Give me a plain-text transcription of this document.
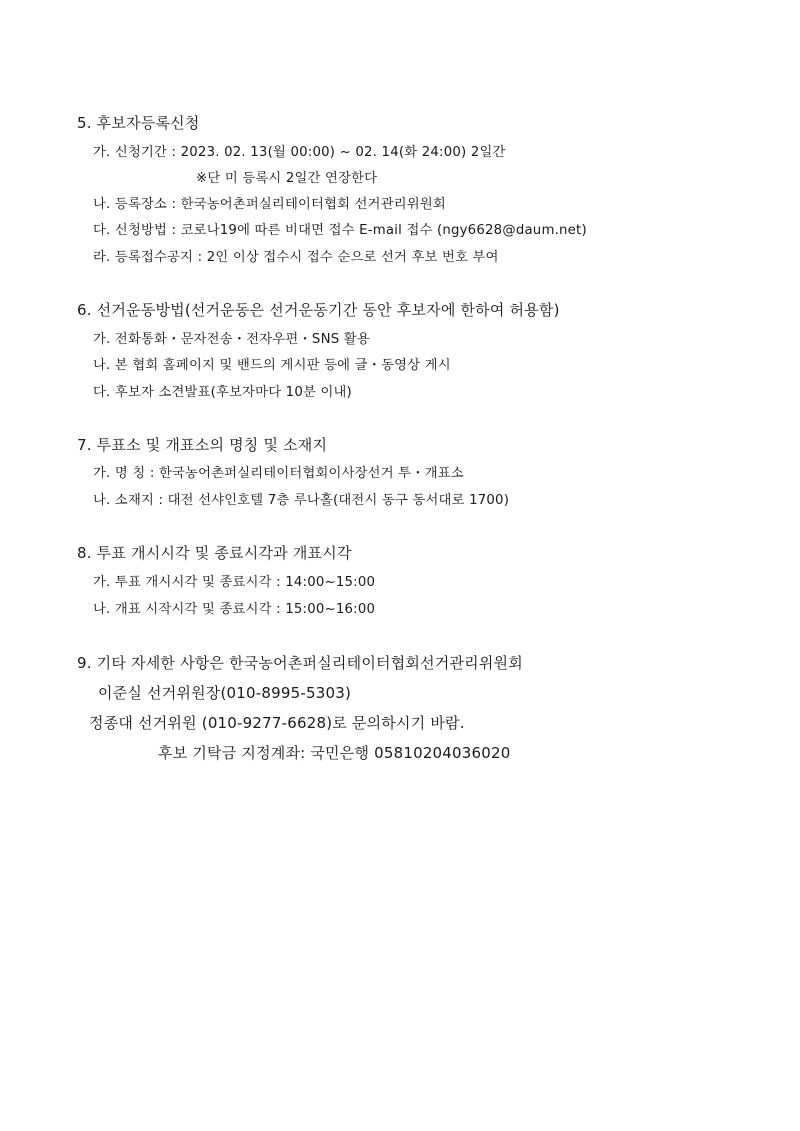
5. 후보자등록신청
가. 신청기간 : 2023. 02. 13(월 00:00) ~ 02. 14(화 24:00) 2일간
※단 미 등록시 2일간 연장한다
나. 등록장소 : 한국농어촌퍼실리테이터협회 선거관리위원회
다. 신청방법 : 코로나19에 따른 비대면 접수 E-mail 접수 (ngy6628@daum.net)
라. 등록접수공지 : 2인 이상 접수시 접수 순으로 선거 후보 번호 부여
6. 선거운동방법(선거운동은 선거운동기간 동안 후보자에 한하여 허용함)
가. 전화통화・문자전송・전자우편・SNS 활용
나. 본 협회 홈페이지 및 밴드의 게시판 등에 글・동영상 게시
다. 후보자 소견발표(후보자마다 10분 이내)
7. 투표소 및 개표소의 명칭 및 소재지
가. 명 칭 : 한국농어촌퍼실리테이터협회이사장선거 투・개표소
나. 소재지 : 대전 선샤인호텔 7층 루나홀(대전시 동구 동서대로 1700)
8. 투표 개시시각 및 종료시각과 개표시각
가. 투표 개시시각 및 종료시각 : 14:00~15:00
나. 개표 시작시각 및 종료시각 : 15:00~16:00
9. 기타 자세한 사항은 한국농어촌퍼실리테이터협회선거관리위원회
이준실 선거위원장(010-8995-5303)
정종대 선거위원 (010-9277-6628)로 문의하시기 바람.
후보 기탁금 지정계좌: 국민은행 05810204036020
